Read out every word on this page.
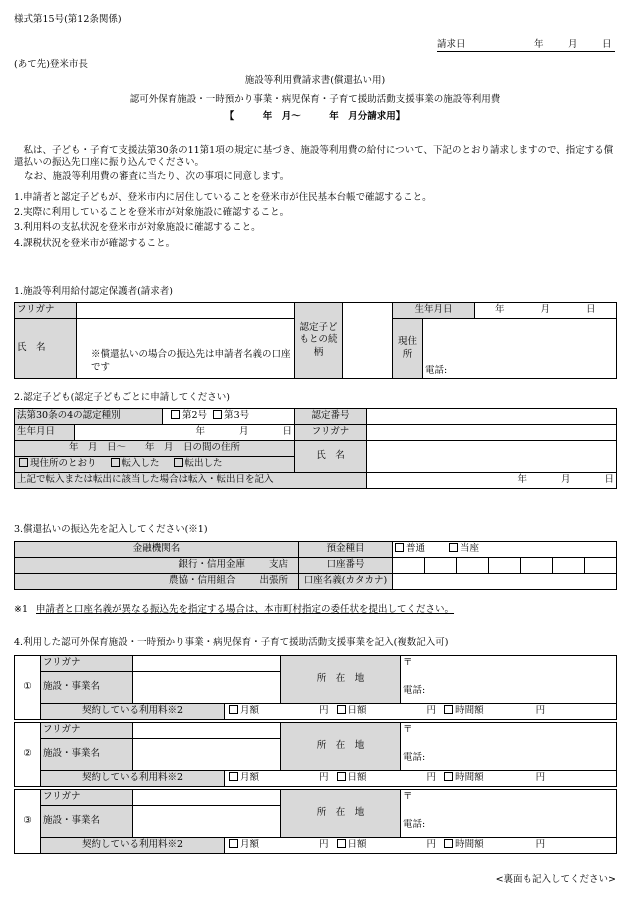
様式第15号(第12条関係)
請求日	年	月	日
(あて先)登米市長
施設等利用費請求書(償還払い用)
認可外保育施設・一時預かり事業・病児保育・子育て援助活動支援事業の施設等利用費
【　　　年　月〜　　　年　月分請求用】
私は、子ども・子育て支援法第30条の11第1項の規定に基づき、施設等利用費の給付について、下記のとおり請求しますので、指定する償還払いの振込先口座に振り込んでください。
なお、施設等利用費の審査に当たり、次の事項に同意します。
1.申請者と認定子どもが、登米市内に居住していることを登米市が住民基本台帳で確認すること。
2.実際に利用していることを登米市が対象施設に確認すること。
3.利用料の支払状況を登米市が対象施設に確認すること。
4.課税状況を登米市が確認すること。
1.施設等利用給付認定保護者(請求者)
フリガナ		認定子どもとの続柄		生年月日		年 月 日
氏　名	※償還払いの場合の振込先は申請者名義の口座です			現住所	電話:	
2.認定子ども(認定子どもごとに申請してください)
法第30条の4の認定種別		第2号 第3号	認定番号	
生年月日	年 月 日		フリガナ	

年　月　日〜　　年　月　日の間の住所
現住所のとおり 転入した 転出した			氏　名	
上記で転入または転出に該当した場合は転入・転出日を記入				年 月 日
3.償還払いの振込先を記入してください(※1)
金融機関名	預金種目	普通 当座
銀行・信用金庫 支店	口座番号	

農協・信用組合 出張所	口座名義(カタカナ)	
※1 申請者と口座名義が異なる振込先を指定する場合は、本市町村指定の委任状を提出してください。
4.利用した認可外保育施設・一時預かり事業・病児保育・子育て援助活動支援事業を記入(複数記入可)
①	フリガナ		所　在　地	〒
電話:

	施設・事業名			

	契約している利用料※2 月額 円 日額 円 時間額 円			
②	フリガナ		所　在　地	〒
電話:

	施設・事業名			

	契約している利用料※2 月額 円 日額 円 時間額 円			
③	フリガナ		所　在　地	〒
電話:

	施設・事業名			

	契約している利用料※2 月額 円 日額 円 時間額 円			
<裏面も記入してください>
